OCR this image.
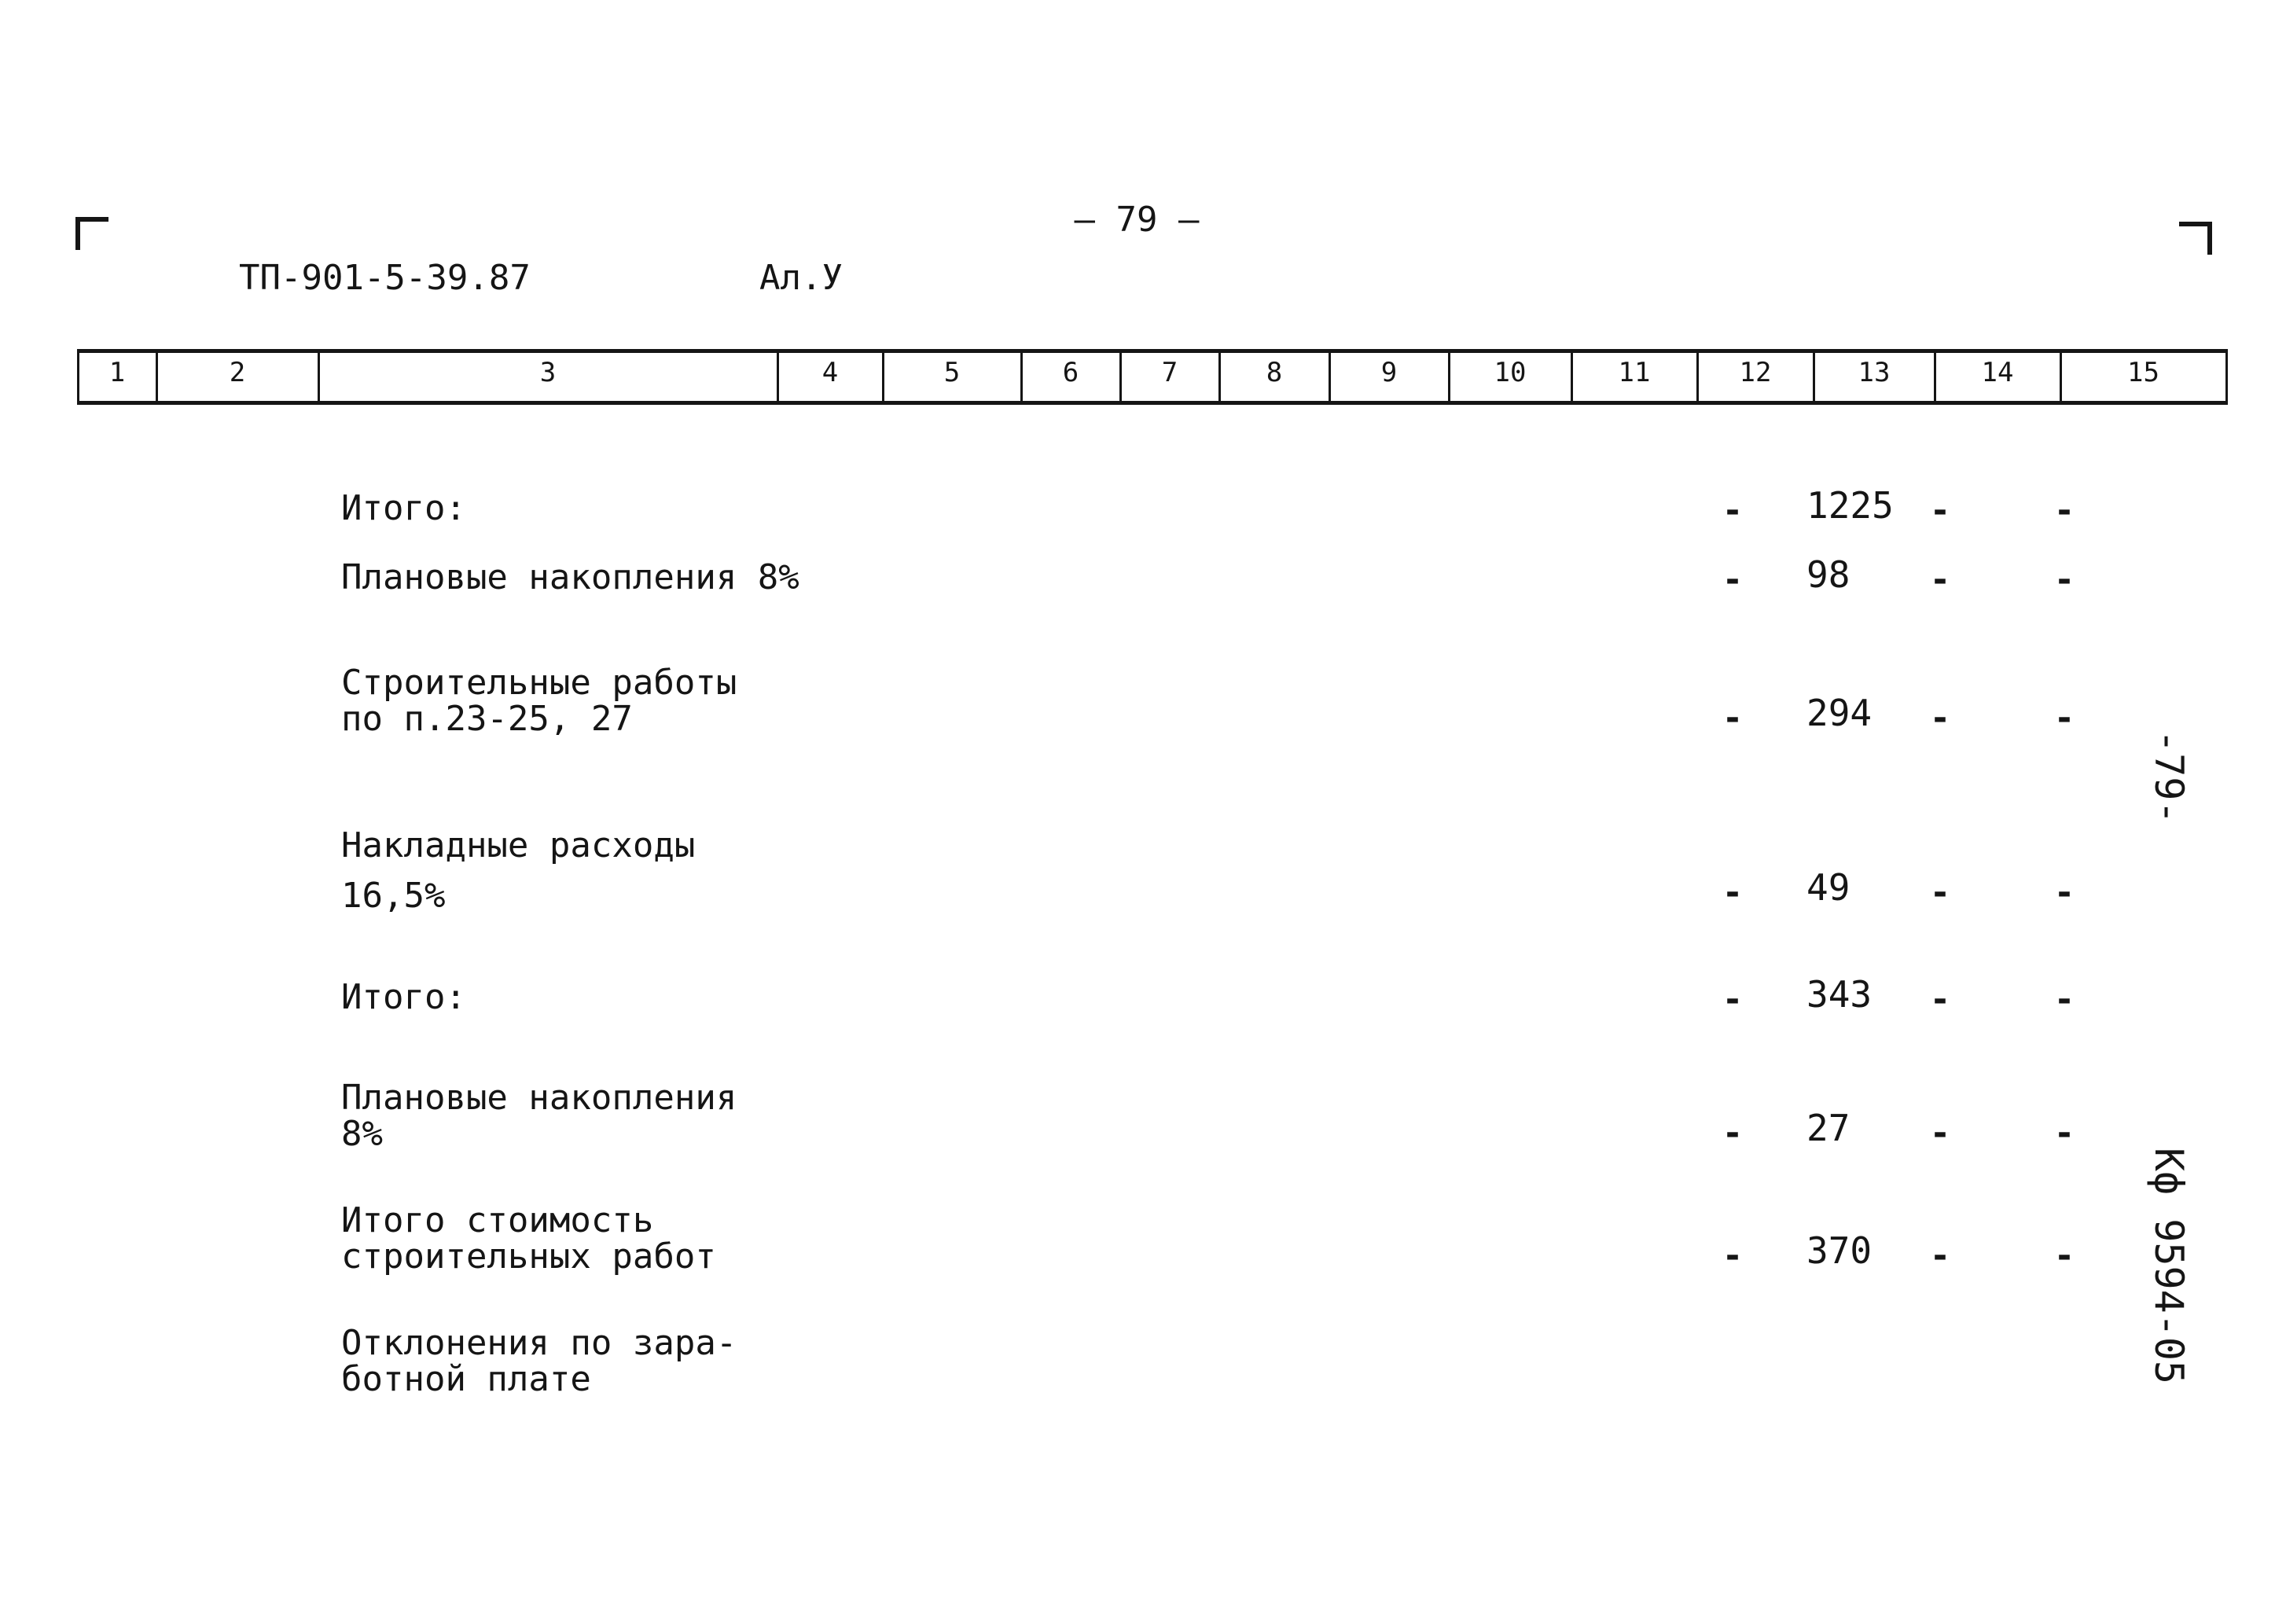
— 79 —
ТП-901-5-39.87	Ал.У
1	2	3	4	5	6	7	8	9	10	11	12	13	14	15
Итого:	- 1225 -	-
Плановые накопления 8%	- 98 -	-
Строительные работы
по п.23-25, 27	- 294 -	-
Накладные расходы
16,5%	- 49 -	-
Итого:	- 343 -	-
Плановые накопления
8%	- 27 -	-
Итого стоимость
строительных работ	- 370 -	-
Отклонения по зара-
ботной плате
-79-
Кф 9594-05
